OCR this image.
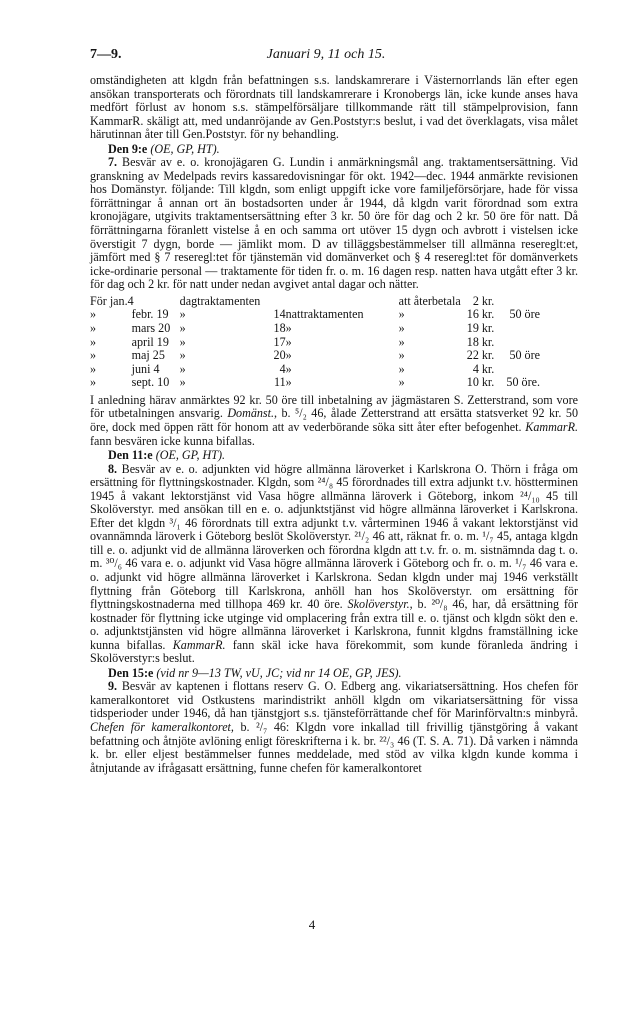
7—9.	Januari 9, 11 och 15.

omständigheten att klgdn från befattningen s.s. landskamrerare i Västernorrlands län efter egen ansökan transporterats och förordnats till landskamrerare i Kronobergs län, icke kunde anses hava medfört förlust av honom s.s. stämpelförsäljare tillkommande rätt till stämpelprovision, fann KammarR. skäligt att, med undanröjande av Gen.Poststyr:s beslut, i vad det överklagats, visa målet härutinnan åter till Gen.Poststyr. för ny behandling.

Den 9:e (OE, GP, HT).

7. Besvär av e. o. kronojägaren G. Lundin i anmärkningsmål ang. traktamentsersättning. Vid granskning av Medelpads revirs kassaredovisningar för okt. 1942—dec. 1944 anmärkte revisionen hos Domänstyr. följande: Till klgdn, som enligt uppgift icke vore familjeförsörjare, hade för vissa förrättningar å annan ort än bostadsorten under år 1944, då klgdn varit förordnad som extra kronojägare, utgivits traktamentsersättning efter 3 kr. 50 öre för dag och 2 kr. 50 öre för natt. Då förrättningarna föranlett vistelse å en och samma ort utöver 15 dygn och avbrott i vistelsen icke överstigit 7 dygn, borde — jämlikt mom. D av tilläggsbestämmelser till allmänna resereglt:et, jämfört med § 7 reseregl:tet för tjänstemän vid domänverket och § 4 reseregl:tet för domänverkets icke-ordinarie personal — traktamente för tiden fr. o. m. 16 dagen resp. natten hava utgått efter 3 kr. för dag och 2 kr. för natt under nedan avgivet antal dagar och nätter.

För jan.	4	dagtraktamenten				att återbetala	2 kr.	
»	febr. 19	»	14	nattraktamenten		»	16 kr.	50 öre
»	mars 20	»	18	»		»	19 kr.	
»	april 19	»	17	»		»	18 kr.	
»	maj 25	»	20	»		»	22 kr.	50 öre
»	juni 4	»	4	»		»	4 kr.	
»	sept. 10	»	11	»		»	10 kr.	50 öre.

I anledning härav anmärktes 92 kr. 50 öre till inbetalning av jägmästaren S. Zetterstrand, som vore för utbetalningen ansvarig. Domänst., b. ⁵/₂ 46, ålade Zetterstrand att ersätta statsverket 92 kr. 50 öre, dock med öppen rätt för honom att av vederbörande söka sitt åter efter befogenhet. KammarR. fann besvären icke kunna bifallas.

Den 11:e (OE, GP, HT).

8. Besvär av e. o. adjunkten vid högre allmänna läroverket i Karlskrona O. Thörn i fråga om ersättning för flyttningskostnader. Klgdn, som ²⁴/₈ 45 förordnades till extra adjunkt t.v. höstterminen 1945 å vakant lektorstjänst vid Vasa högre allmänna läroverk i Göteborg, inkom ²⁴/₁₀ 45 till Skolöverstyr. med ansökan till en e. o. adjunktstjänst vid högre allmänna läroverket i Karlskrona. Efter det klgdn ³/₁ 46 förordnats till extra adjunkt t.v. vårterminen 1946 å vakant lektorstjänst vid ovannämnda läroverk i Göteborg beslöt Skolöverstyr. ²¹/₂ 46 att, räknat fr. o. m. ¹/₇ 45, antaga klgdn till e. o. adjunkt vid de allmänna läroverken och förordna klgdn att t.v. fr. o. m. sistnämnda dag t. o. m. ³⁰/₆ 46 vara e. o. adjunkt vid Vasa högre allmänna läroverk i Göteborg och fr. o. m. ¹/₇ 46 vara e. o. adjunkt vid högre allmänna läroverket i Karlskrona. Sedan klgdn under maj 1946 verkställt flyttning från Göteborg till Karlskrona, anhöll han hos Skolöverstyr. om ersättning för flyttningskostnaderna med tillhopa 469 kr. 40 öre. Skolöverstyr., b. ²⁰/₈ 46, har, då ersättning för kostnader för flyttning icke utginge vid omplacering från extra till e. o. tjänst och klgdn sökt den e. o. adjunktstjänsten vid högre allmänna läroverket i Karlskrona, funnit klgdns framställning icke kunna bifallas. KammarR. fann skäl icke hava förekommit, som kunde föranleda ändring i Skolöverstyr:s beslut.

Den 15:e (vid nr 9—13 TW, vU, JC; vid nr 14 OE, GP, JES).

9. Besvär av kaptenen i flottans reserv G. O. Edberg ang. vikariatsersättning. Hos chefen för kameralkontoret vid Ostkustens marindistrikt anhöll klgdn om vikariatsersättning för vissa tidsperioder under 1946, då han tjänstgjort s.s. tjänsteförrättande chef för Marinförvaltn:s minbyrå. Chefen för kameralkontoret, b. ²/₇ 46: Klgdn vore inkallad till frivillig tjänstgöring å vakant befattning och åtnjöte avlöning enligt föreskrifterna i k. br. ²²/₃ 46 (T. S. A. 71). Då varken i nämnda k. br. eller eljest bestämmelser funnes meddelade, med stöd av vilka klgdn kunde komma i åtnjutande av ifrågasatt ersättning, funne chefen för kameralkontoret

4
